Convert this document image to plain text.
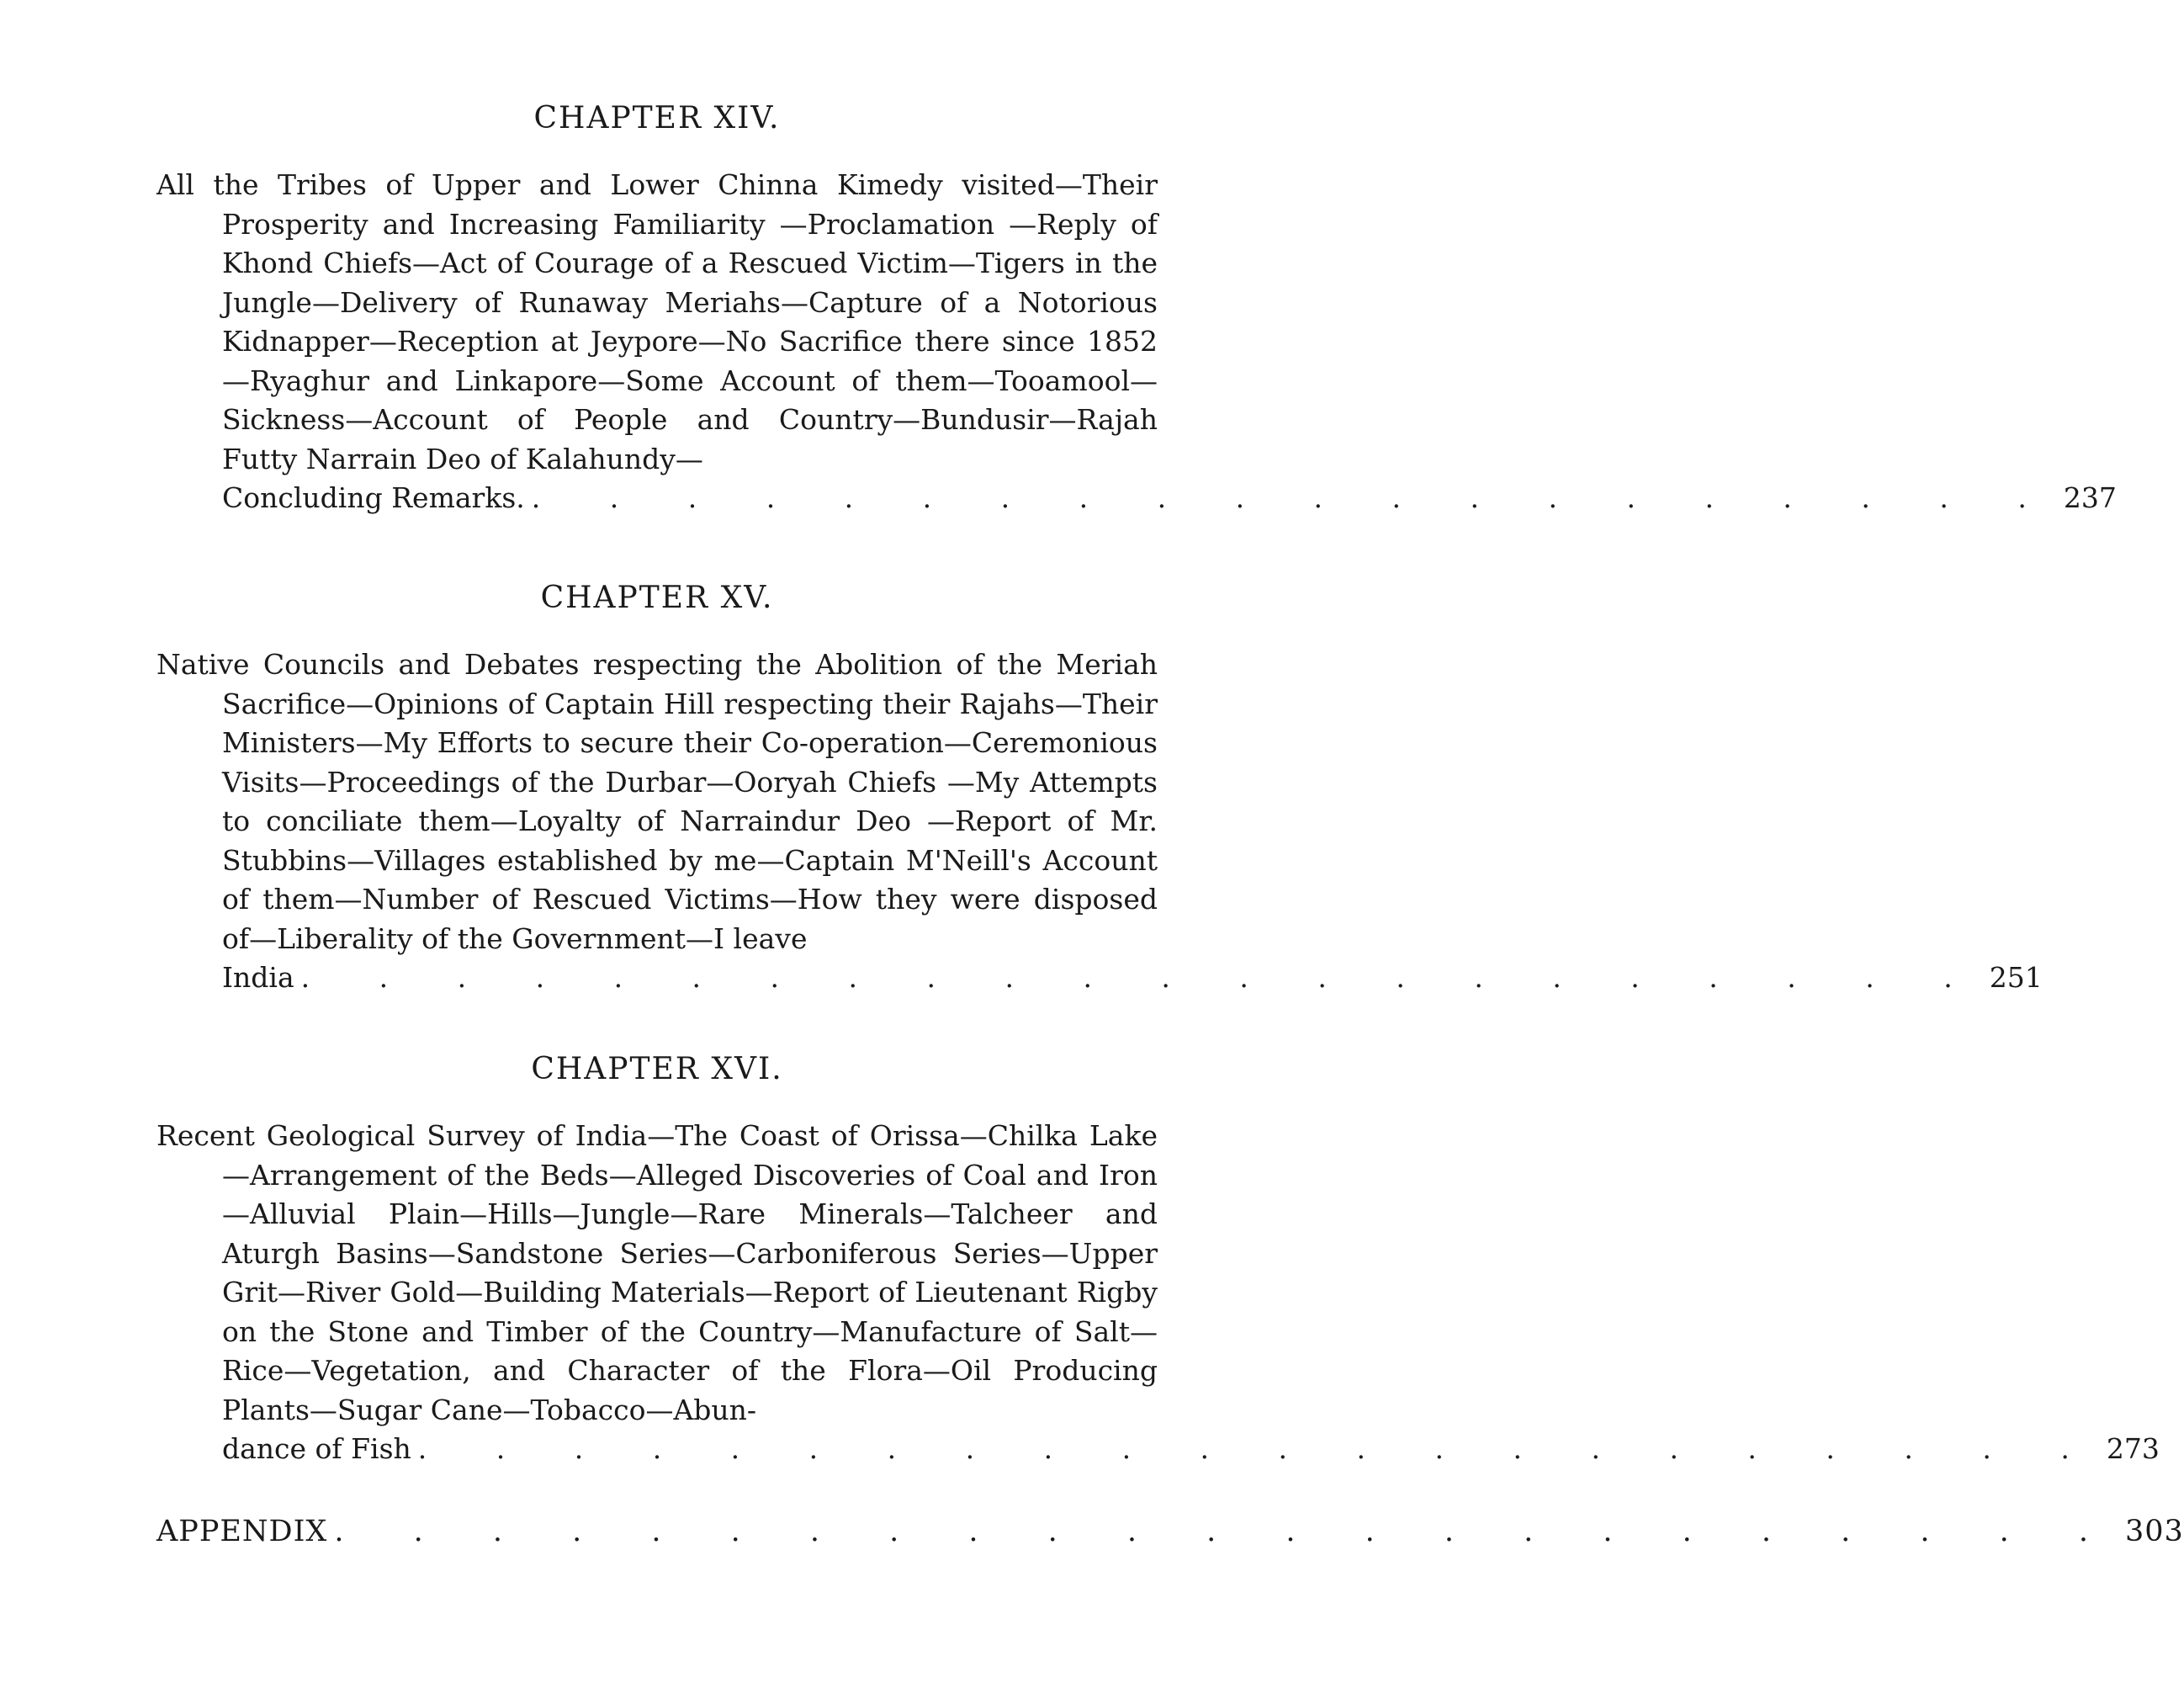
CHAPTER XIV.

All the Tribes of Upper and Lower Chinna Kimedy visited—Their Prosperity and Increasing Familiarity —Proclamation —Reply of Khond Chiefs—Act of Courage of a Rescued Victim—Tigers in the Jungle—Delivery of Runaway Meriahs—Capture of a Notorious Kidnapper—Reception at Jeypore—No Sacrifice there since 1852—Ryaghur and Linkapore—Some Account of them—Tooamool—Sickness—Account of People and Country—Bundusir—Rajah Futty Narrain Deo of Kalahundy—

Concluding Remarks. . . . . . . . . . . . . . . . . . . . . 237
CHAPTER XV.

Native Councils and Debates respecting the Abolition of the Meriah Sacrifice—Opinions of Captain Hill respecting their Rajahs—Their Ministers—My Efforts to secure their Co-operation—Ceremonious Visits—Proceedings of the Durbar—Ooryah Chiefs —My Attempts to conciliate them—Loyalty of Narraindur Deo —Report of Mr. Stubbins—Villages established by me—Captain M'Neill's Account of them—Number of Rescued Victims—How they were disposed of—Liberality of the Government—I leave

India . . . . . . . . . . . . . . . . . . . . . . 251
CHAPTER XVI.

Recent Geological Survey of India—The Coast of Orissa—Chilka Lake—Arrangement of the Beds—Alleged Discoveries of Coal and Iron—Alluvial Plain—Hills—Jungle—Rare Minerals—Talcheer and Aturgh Basins—Sandstone Series—Carboniferous Series—Upper Grit—River Gold—Building Materials—Report of Lieutenant Rigby on the Stone and Timber of the Country—Manufacture of Salt—Rice—Vegetation, and Character of the Flora—Oil Producing Plants—Sugar Cane—Tobacco—Abun-

dance of Fish . . . . . . . . . . . . . . . . . . . . . . 273
APPENDIX . . . . . . . . . . . . . . . . . . . . . . . 303
